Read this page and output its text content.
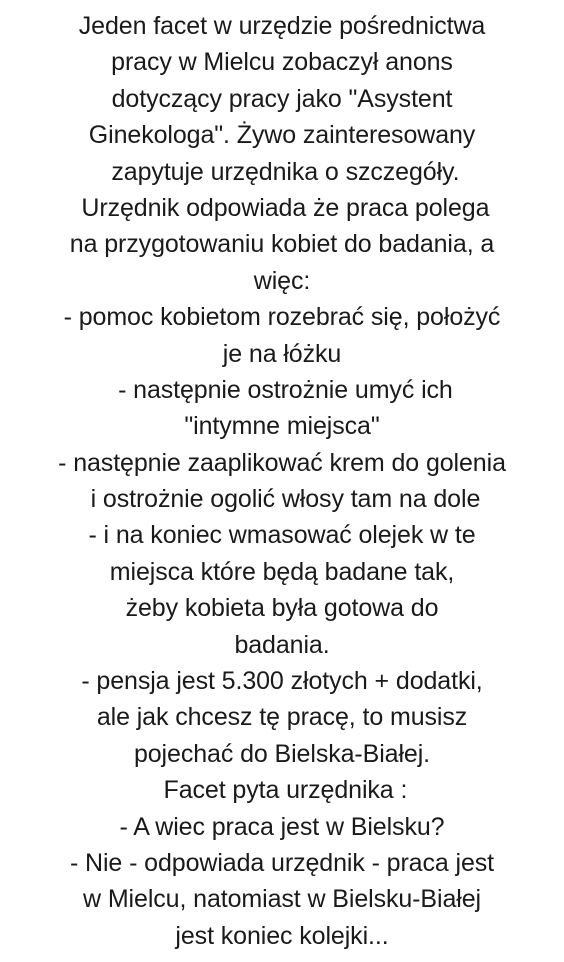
Jeden facet w urzędzie pośrednictwa
pracy w Mielcu zobaczył anons
dotyczący pracy jako "Asystent
Ginekologa". Żywo zainteresowany
zapytuje urzędnika o szczegóły.
Urzędnik odpowiada że praca polega
na przygotowaniu kobiet do badania, a
więc:
- pomoc kobietom rozebrać się, położyć
je na łóżku
- następnie ostrożnie umyć ich
"intymne miejsca"
- następnie zaaplikować krem do golenia
i ostrożnie ogolić włosy tam na dole
- i na koniec wmasować olejek w te
miejsca które będą badane tak,
żeby kobieta była gotowa do
badania.
- pensja jest 5.300 złotych + dodatki,
ale jak chcesz tę pracę, to musisz
pojechać do Bielska-Białej.
Facet pyta urzędnika :
- A wiec praca jest w Bielsku?
- Nie - odpowiada urzędnik - praca jest
w Mielcu, natomiast w Bielsku-Białej
jest koniec kolejki...
